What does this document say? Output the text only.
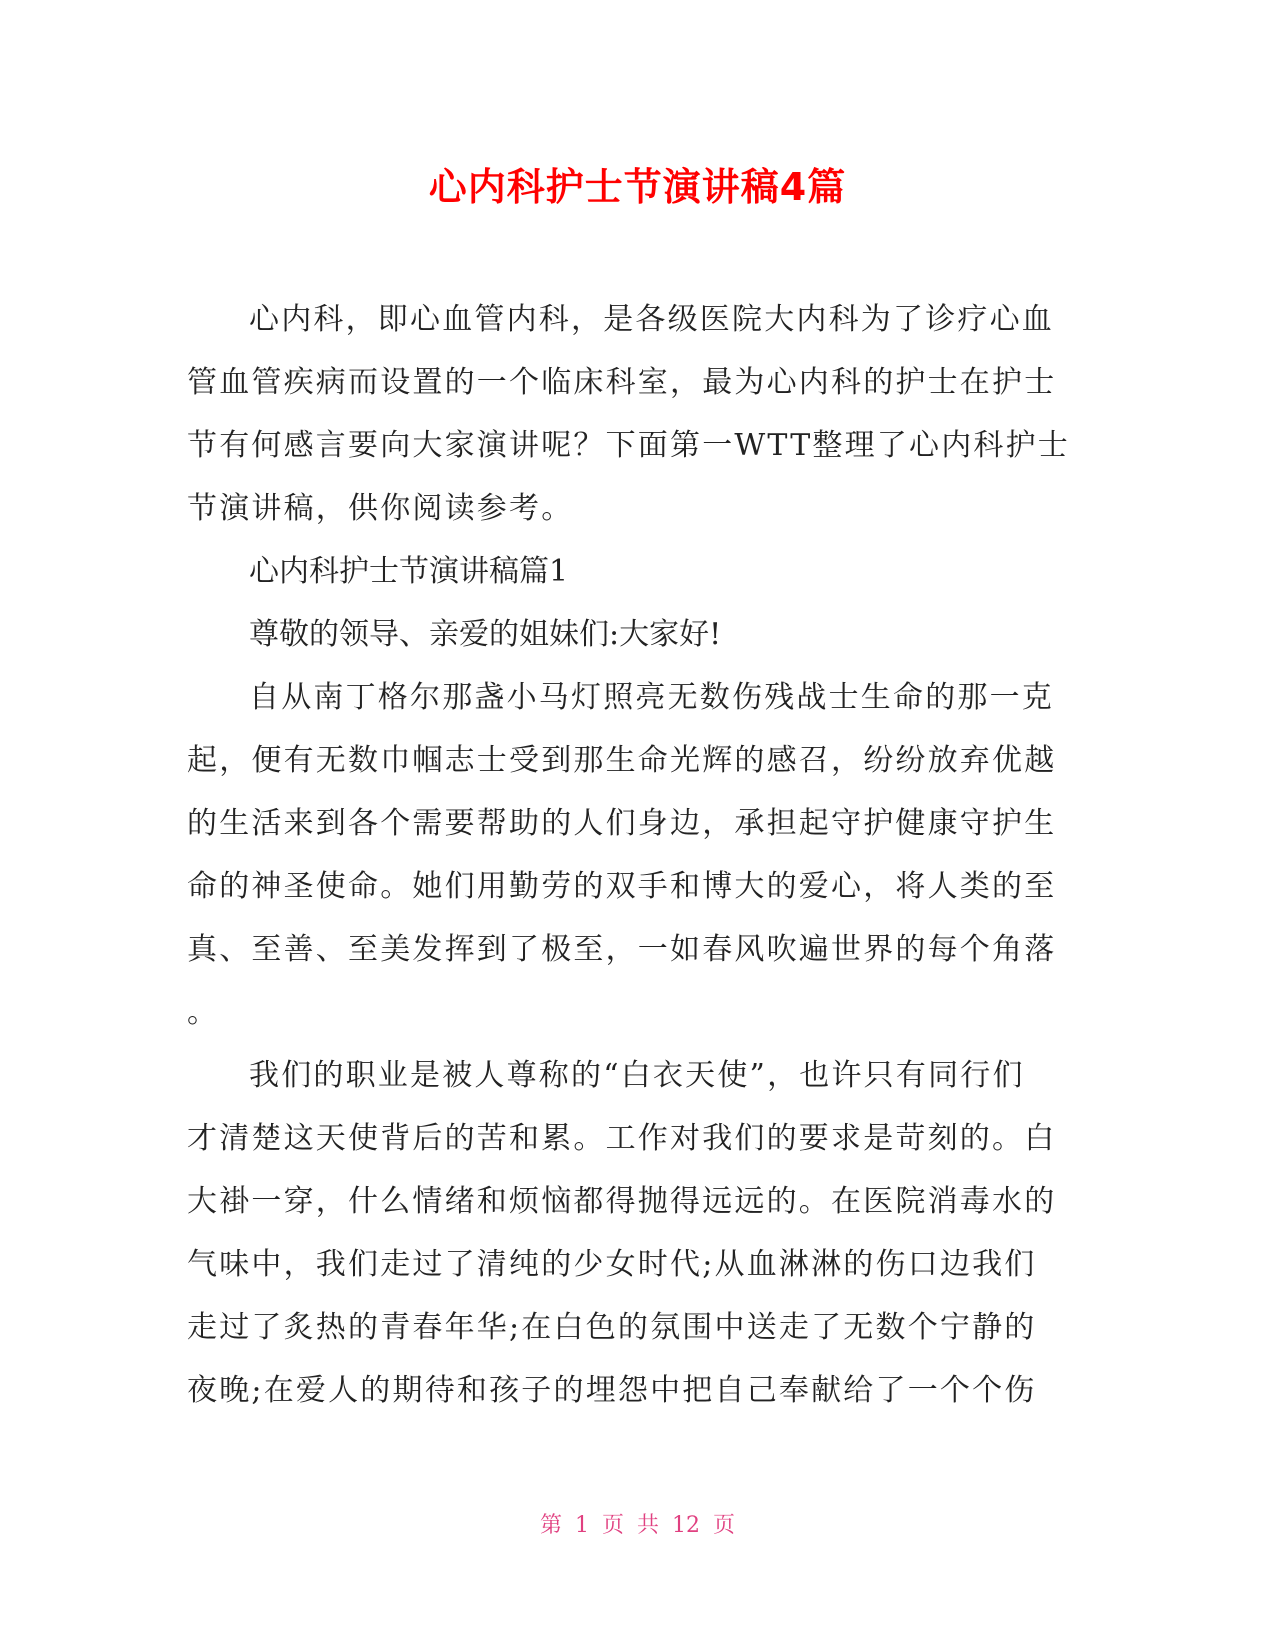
心内科护士节演讲稿4篇
心内科，即心血管内科，是各级医院大内科为了诊疗心血
管血管疾病而设置的一个临床科室，最为心内科的护士在护士
节有何感言要向大家演讲呢？下面第一WTT整理了心内科护士
节演讲稿，供你阅读参考。
心内科护士节演讲稿篇1
尊敬的领导、亲爱的姐妹们:大家好!
自从南丁格尔那盏小马灯照亮无数伤残战士生命的那一克
起，便有无数巾帼志士受到那生命光辉的感召，纷纷放弃优越
的生活来到各个需要帮助的人们身边，承担起守护健康守护生
命的神圣使命。她们用勤劳的双手和博大的爱心，将人类的至
真、至善、至美发挥到了极至，一如春风吹遍世界的每个角落
。
我们的职业是被人尊称的“白衣天使”，也许只有同行们
才清楚这天使背后的苦和累。工作对我们的要求是苛刻的。白
大褂一穿，什么情绪和烦恼都得抛得远远的。在医院消毒水的
气味中，我们走过了清纯的少女时代;从血淋淋的伤口边我们
走过了炙热的青春年华;在白色的氛围中送走了无数个宁静的
夜晚;在爱人的期待和孩子的埋怨中把自己奉献给了一个个伤
第 1 页 共 12 页
